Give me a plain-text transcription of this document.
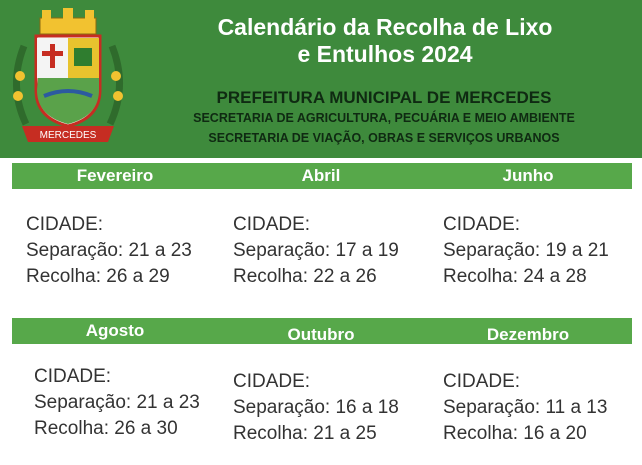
MERCEDES
Calendário da Recolha de Lixo
e Entulhos 2024
PREFEITURA MUNICIPAL DE MERCEDES
SECRETARIA DE AGRICULTURA, PECUÁRIA E MEIO AMBIENTE
SECRETARIA DE VIAÇÃO, OBRAS E SERVIÇOS URBANOS
Fevereiro	Abril	Junho
CIDADE:
Separação: 21 a 23
Recolha: 26 a 29
CIDADE:
Separação: 17 a 19
Recolha: 22 a 26
CIDADE:
Separação: 19 a 21
Recolha: 24 a 28
Agosto	Outubro	Dezembro
CIDADE:
Separação: 21 a 23
Recolha: 26 a 30
CIDADE:
Separação: 16 a 18
Recolha: 21 a 25
CIDADE:
Separação: 11 a 13
Recolha: 16 a 20
